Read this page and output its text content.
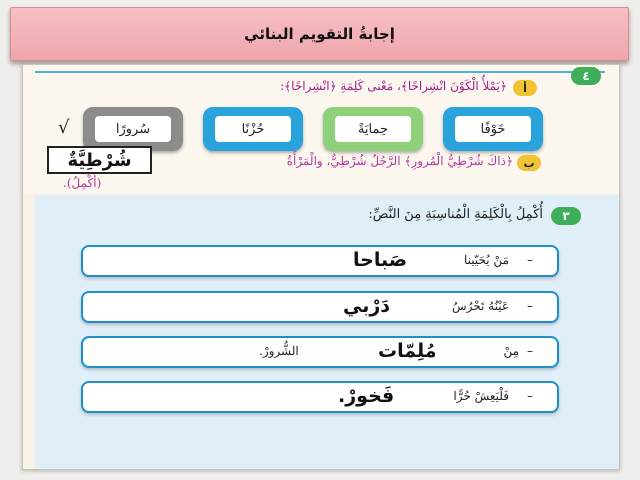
إجابةُ التقويم البنائي
٤
أ
﴿يَمْلأُ الْكَوْنَ انْشِراحًا﴾، مَعْنى كَلِمَةِ ﴿انْشِراحًا﴾:
خَوْفًا
حِمايَةً
حُزْنًا
سُرورًا
√
ب
﴿ذاكَ شُرْطِيُّ الْمُرورِ﴾ الرَّجُلُ شُرْطِيٌّ، والْمَرْأَةُ
(أُكْمِلُ).
شُرْطِيَّةٌ
٣
أُكْمِلُ بِالْكَلِمَةِ الْمُناسِبَةِ مِنَ النَّصِّ:
–
مَنْ يُحَيّينا
صَباحا
–
عَيْنُهُ تَحْرُسُ
دَرْبي
–
مِنْ
مُلِمّات
الشُّرورْ.
–
فَلْيَعِشْ حُرًّا
فَخورْ.
